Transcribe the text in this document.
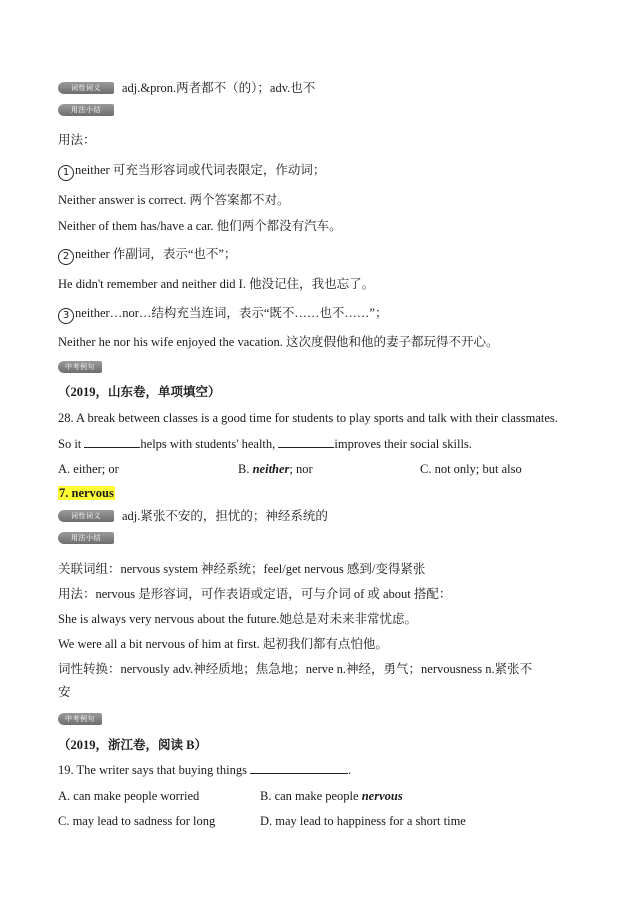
词性词义	adj.&pron.两者都不（的）；adv.也不
用法小结
用法：
1 neither 可充当形容词或代词表限定，作动词；
Neither answer is correct. 两个答案都不对。
Neither of them has/have a car. 他们两个都没有汽车。
2 neither 作副词，表示“也不”；
He didn't remember and neither did I. 他没记住，我也忘了。
3 neither…nor…结构充当连词，表示“既不……也不……”；
Neither he nor his wife enjoyed the vacation. 这次度假他和他的妻子都玩得不开心。
中考例句
（2019，山东卷，单项填空）
28. A break between classes is a good time for students to play sports and talk with their classmates.
So it	helps with students' health,	improves their social skills.
A. either; or	B. neither; nor	C. not only; but also
7. nervous
词性词义	adj.紧张不安的，担忧的；神经系统的
用法小结
关联词组：nervous system 神经系统；feel/get nervous 感到/变得紧张
用法：nervous 是形容词，可作表语或定语，可与介词 of 或 about 搭配：
She is always very nervous about the future.她总是对未来非常忧虑。
We were all a bit nervous of him at first. 起初我们都有点怕他。
词性转换：nervously adv.神经质地；焦急地；nerve n.神经，勇气；nervousness n.紧张不
安
中考例句
（2019，浙江卷，阅读 B）
19. The writer says that buying things	.
A. can make people worried	B. can make people nervous
C. may lead to sadness for long	D. may lead to happiness for a short time
